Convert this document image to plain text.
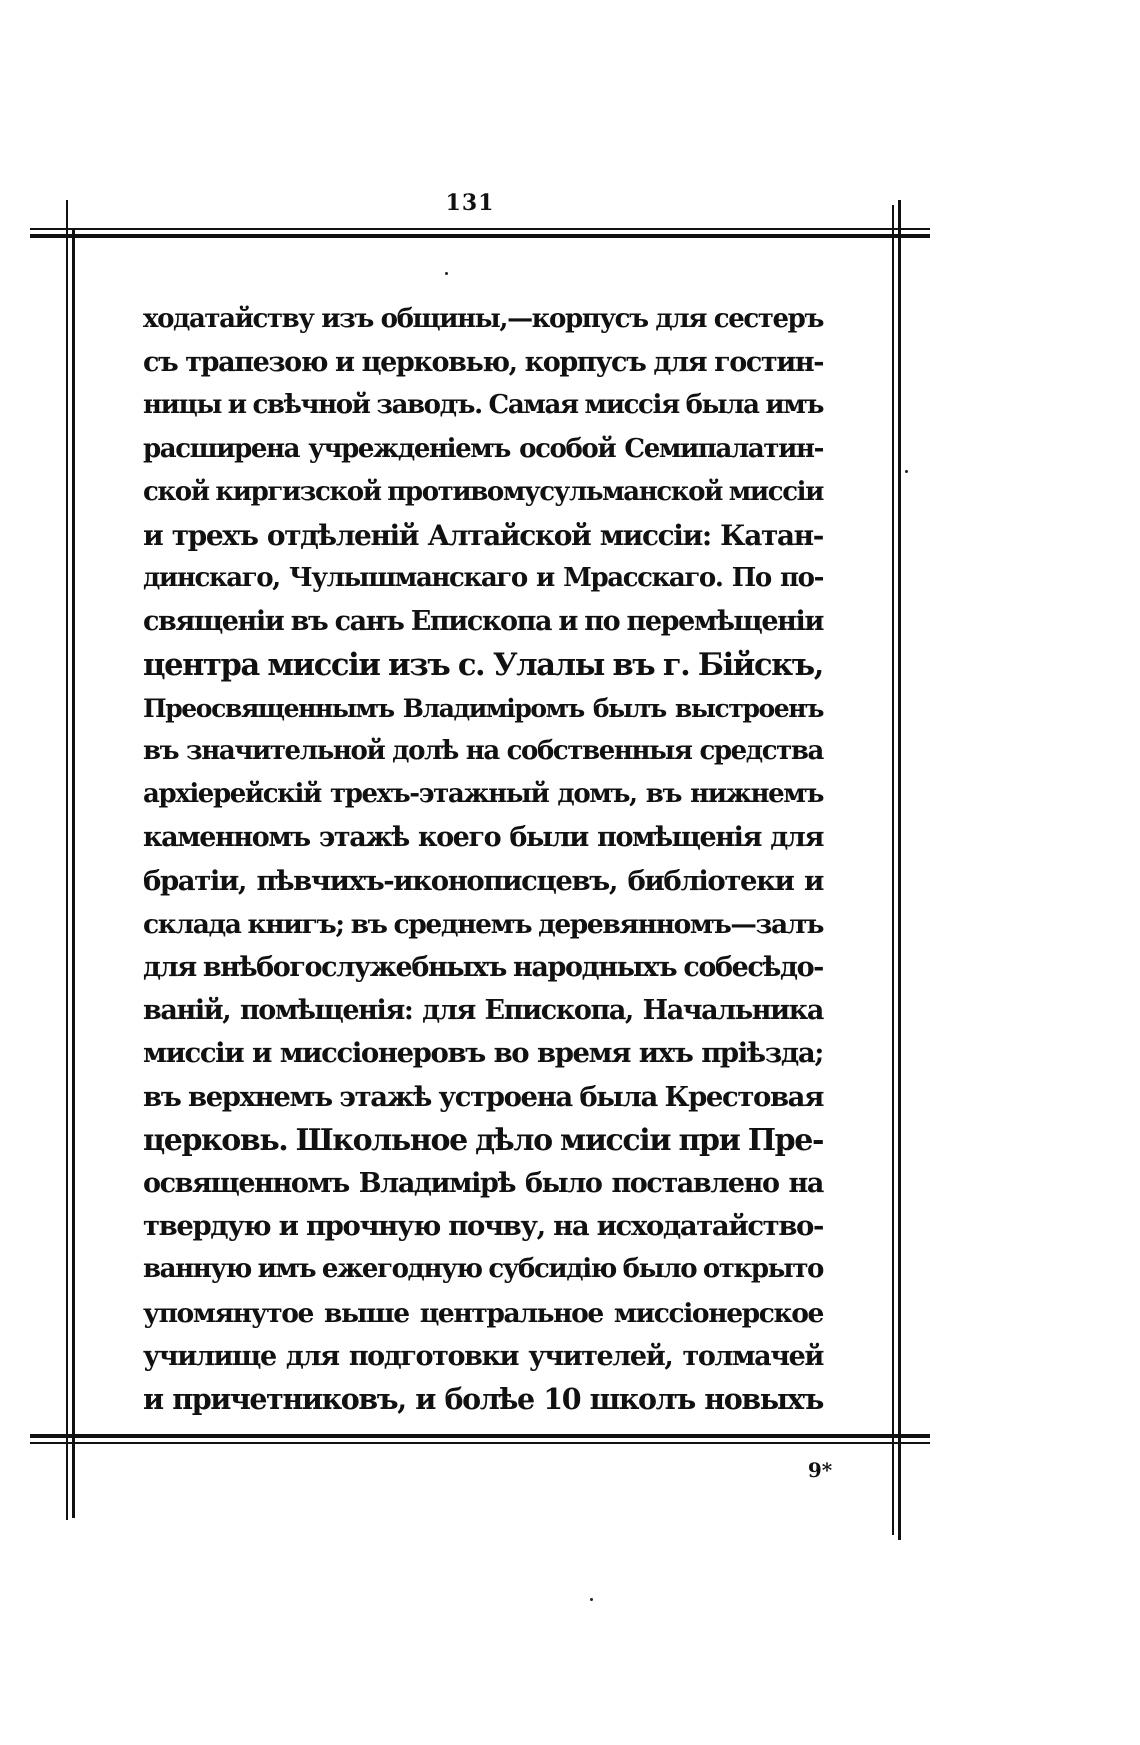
131
ходатайству изъ общины,—корпусъ для сестеръ
съ трапезою и церковью, корпусъ для гостин-
ницы и свѣчной заводъ. Самая миссія была имъ
расширена учрежденіемъ особой Семипалатин-
ской киргизской противомусульманской миссіи
и трехъ отдѣленій Алтайской миссіи: Катан-
динскаго, Чулышманскаго и Мрасскаго. По по-
священіи въ санъ Епископа и по перемѣщеніи
центра миссіи изъ с. Улалы въ г. Бійскъ,
Преосвященнымъ Владиміромъ былъ выстроенъ
въ значительной долѣ на собственныя средства
архіерейскій трехъ-этажный домъ, въ нижнемъ
каменномъ этажѣ коего были помѣщенія для
братіи, пѣвчихъ-иконописцевъ, библіотеки и
склада книгъ; въ среднемъ деревянномъ—залъ
для внѣбогослужебныхъ народныхъ собесѣдо-
ваній, помѣщенія: для Епископа, Начальника
миссіи и миссіонеровъ во время ихъ пріѣзда;
въ верхнемъ этажѣ устроена была Крестовая
церковь. Школьное дѣло миссіи при Пре-
освященномъ Владимірѣ было поставлено на
твердую и прочную почву, на исходатайство-
ванную имъ ежегодную субсидію было открыто
упомянутое выше центральное миссіонерское
училище для подготовки учителей, толмачей
и причетниковъ, и болѣе 10 школъ новыхъ
9*
